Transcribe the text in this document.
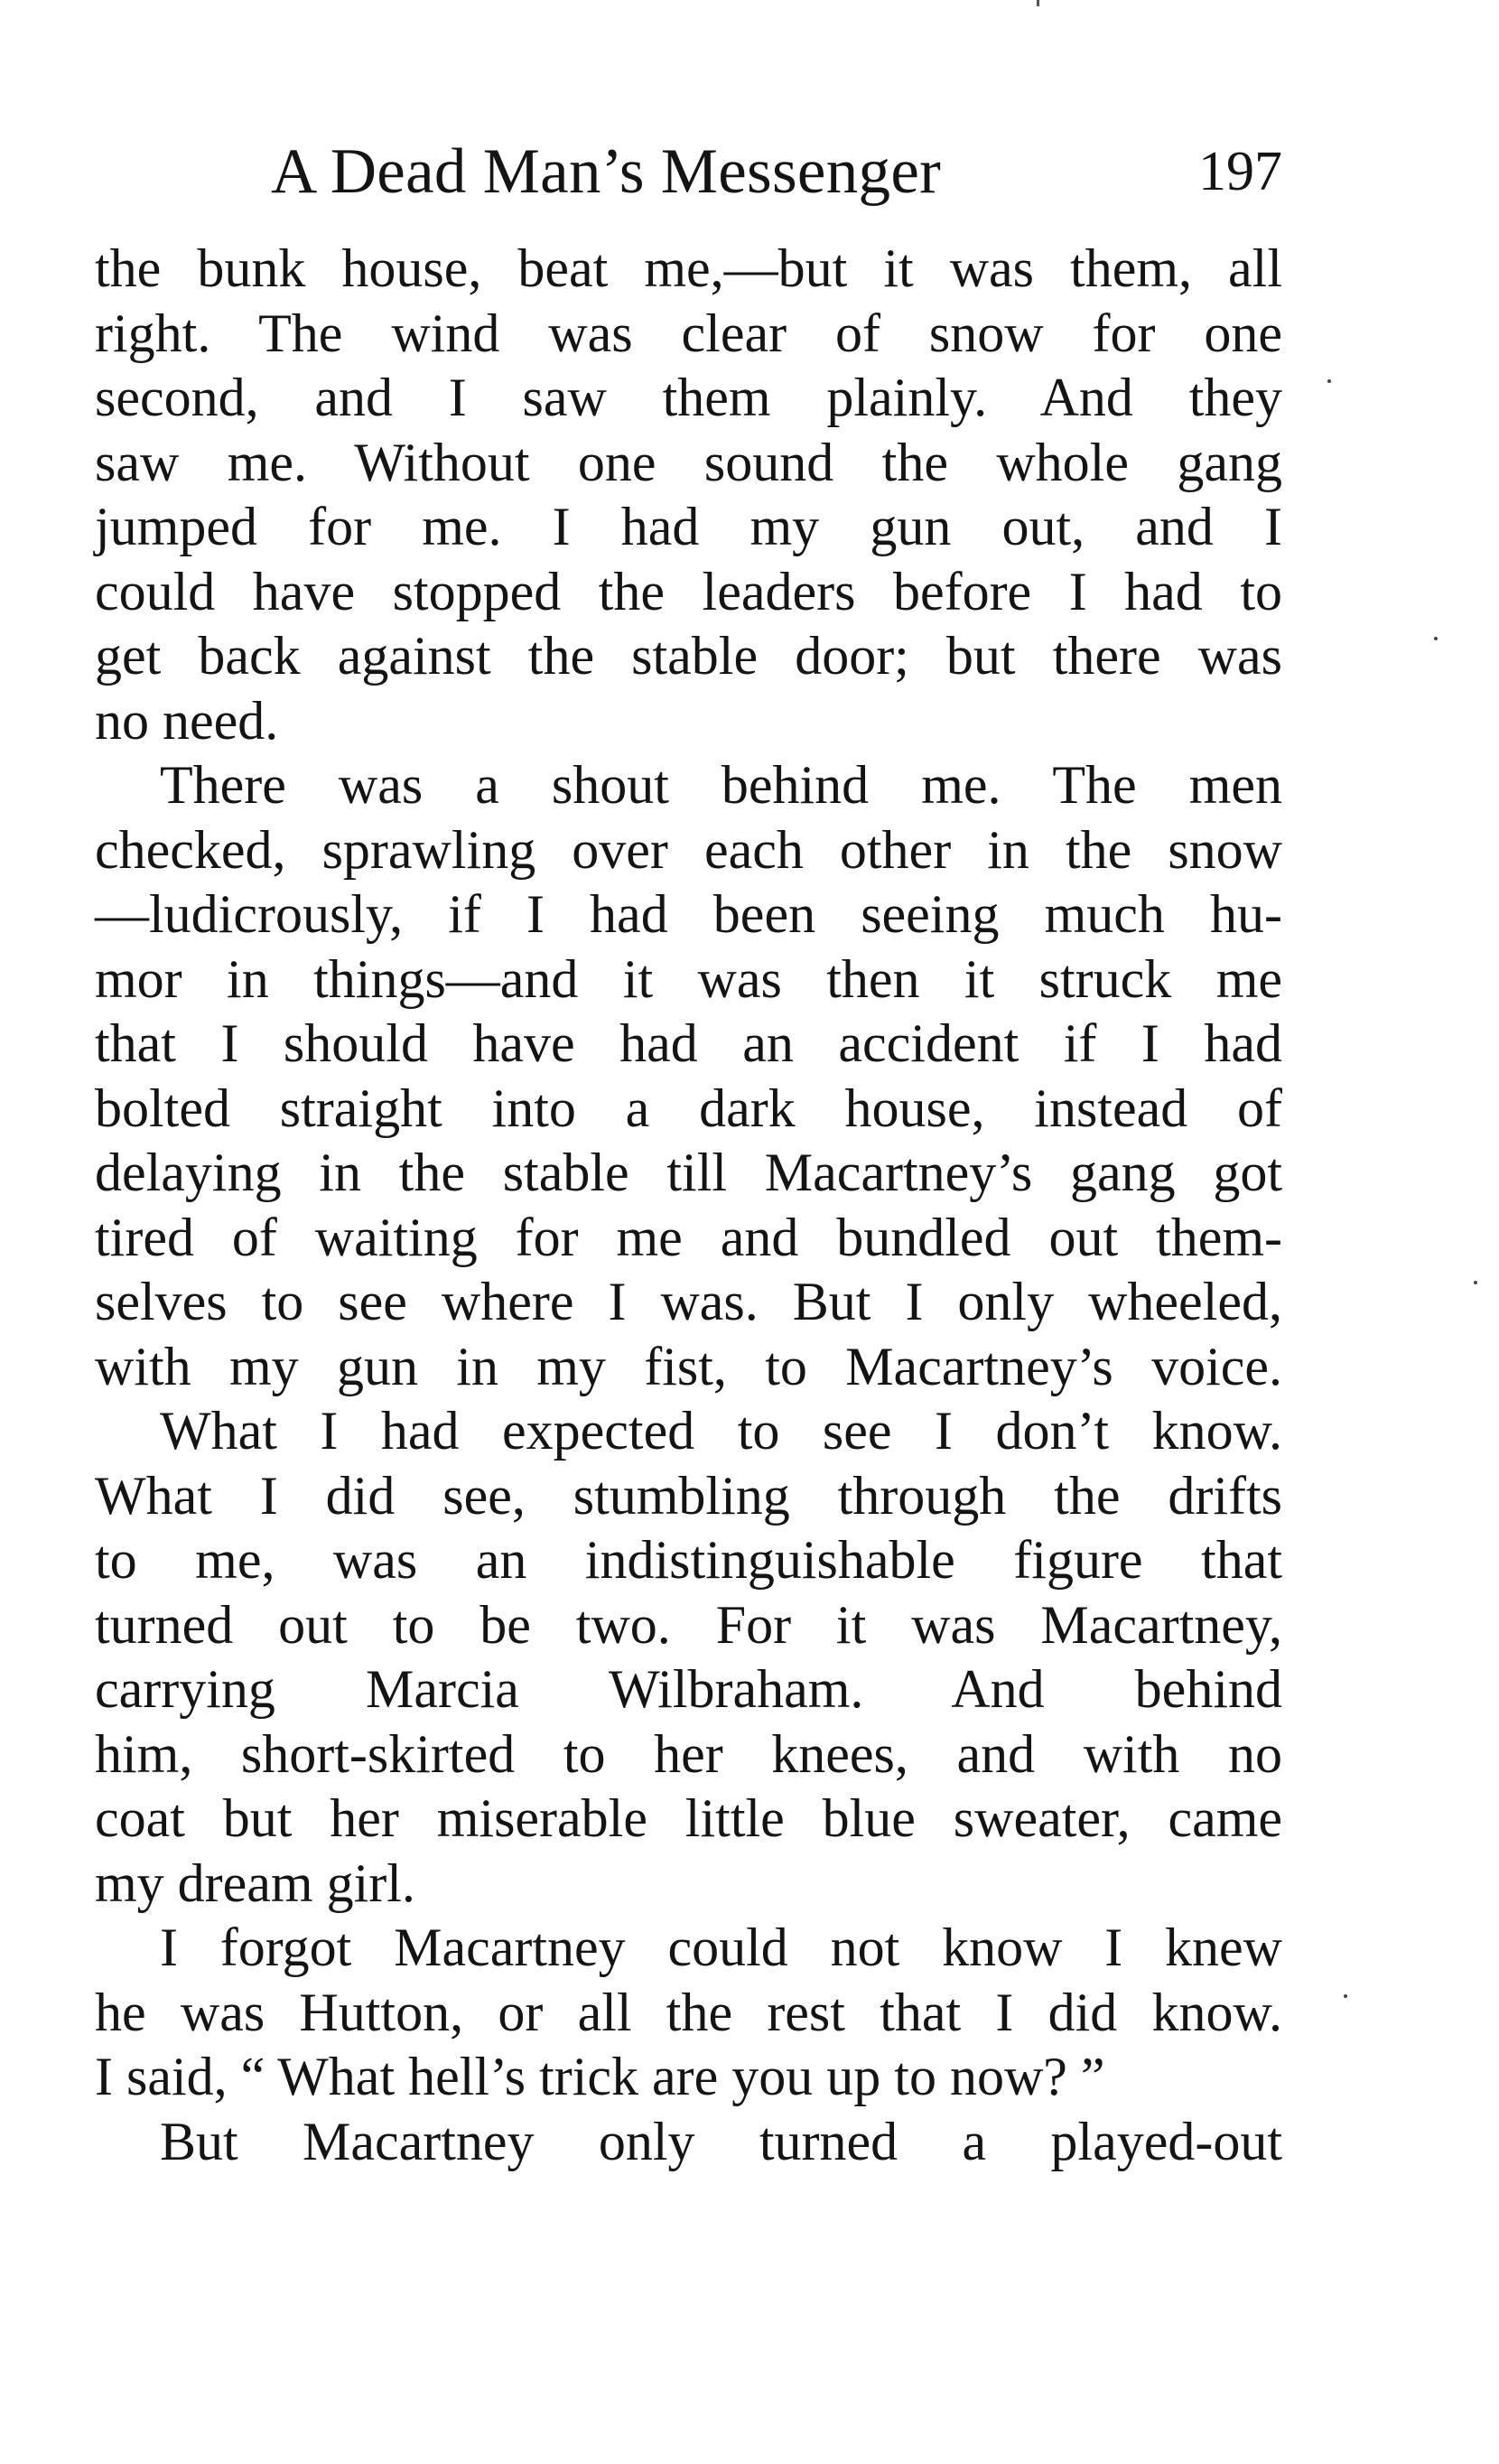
A Dead Man’s Messenger	197
the bunk house, beat me,—but it was them, all
right. The wind was clear of snow for one
second, and I saw them plainly. And they
saw me. Without one sound the whole gang
jumped for me. I had my gun out, and I
could have stopped the leaders before I had to
get back against the stable door; but there was
no need.
There was a shout behind me. The men
checked, sprawling over each other in the snow
—ludicrously, if I had been seeing much hu-
mor in things—and it was then it struck me
that I should have had an accident if I had
bolted straight into a dark house, instead of
delaying in the stable till Macartney’s gang got
tired of waiting for me and bundled out them-
selves to see where I was. But I only wheeled,
with my gun in my fist, to Macartney’s voice.
What I had expected to see I don’t know.
What I did see, stumbling through the drifts
to me, was an indistinguishable figure that
turned out to be two. For it was Macartney,
carrying Marcia Wilbraham. And behind
him, short-skirted to her knees, and with no
coat but her miserable little blue sweater, came
my dream girl.
I forgot Macartney could not know I knew
he was Hutton, or all the rest that I did know.
I said, “ What hell’s trick are you up to now? ”
But Macartney only turned a played-out
